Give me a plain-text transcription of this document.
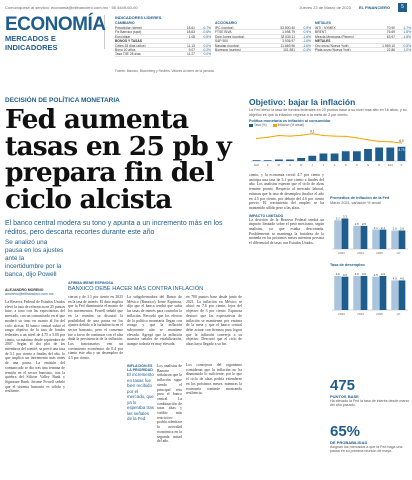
Comuníquese al servicio: economia@elfinanciero.com.mx · 55 5449-60-00	Jueves 23 de Marzo de 2023 EL FINANCIERO	5
ECONOMÍA
MERCADOS E INDICADORES
INDICADORES LÍDERES
CAMBIARIO
Peso/dólar (cierre)	18.61	-0.7%
Fix Banxico (spot)	18.63	-0.6%
Euro/dólar	1.08	0.5%
BONOS Y TASAS
Cetes 28 días (años)	11.13	0.0%
Bono 10 años	9.07	-0.2%
Tasa TIIE 28 días	11.27	0.0%
ACCIONARIO
IPC (puntos)	53,500.40	0.9%
FTSE BIVA	1,098.79	0.9%
Dow Jones (puntos)	32,030.11	-1.6%
S&P 500	3,936.97	-1.6%
Nasdaq (puntos)	11,669.96	-1.6%
Bovespa (puntos)	101,981	-0.4%
METALES
WTI - NYMEX	70.90	1.7%
BRENT	76.69	1.8%
Mezcla Mexicana (Pemex)	63.97	-1.8%
METALES
Oro onza (Nueva York)	1,969.10	0.5%
Plata onza (Nueva York)	22.86	1.0%
Fuente: Banxico, Bloomberg y Reuters. Valores al cierre de la jornada.
DECISIÓN DE POLÍTICA MONETARIA
Fed aumenta tasas en 25 pb y prepara fin del ciclo alcista
El banco central modera su tono y apunta a un incremento más en los réditos, pero descarta recortes durante este año
Se analizó una pausa en los ajustes ante la incertidumbre por la banca, dijo Powell
ALEJANDRO MORENO
amoreno@elfinanciero.com.mx
La Reserva Federal de Estados Unidos elevó la tasa de referencia en 25 puntos base, a tono con las expectativas del mercado, con un comunicado en el que moderó su tono en cuanto al fin del ciclo alcista. El banco central subió el rango objetivo de la tasa de fondos federales a un nivel de 4.75 a 5.00 por ciento, su máximo desde septiembre de 2007. Según el dot plot de los miembros del comité, se prevé una tasa de 5.1 por ciento a finales del año, lo que implica un incremento más antes de una pausa. La emisión del comunicado se dio tras una semana de tensión en el sector bancario, tras la quiebra del Silicon Valley Bank y Signature Bank. Jerome Powell señaló que el sistema bancario es sólido y resiliente.
AFIRMA IRENE ESPINOSA
BANXICO DEBE HACER MÁS CONTRA INFLACIÓN
cieron y de 3.1 por ciento en 2025 en la tasa de interés. El dato implica que la Fed disminuiría el monto de los incrementos. Powell señaló que en la reunión se discutió la posibilidad de una pausa en los ajustes debido a la turbulencia en el sector bancario, pero el consenso fue a favor de continuar con el alza dada la persistencia de la inflación. Los funcionarios ven un crecimiento económico de 0.4 por ciento este año y un desempleo de 4.5 por ciento.
La subgobernadora del Banco de México (Banxico), Irene Espinosa, dijo que el banco tendrá que subir las tasas de interés para controlar la inflación. Recordó que los efectos de la política monetaria llegan con rezago y que la inflación subyacente aún se mantiene elevada. Agregó que la inflación muestra señales de estabilización, aunque todavía es muy elevada.
en 700 puntos base desde junio de 2021. La inflación en México se ubicó en 7.6 por ciento, lejos del objetivo de 3 por ciento. Espinosa destacó que las expectativas de inflación se mantienen por encima de la meta y que el banco central debe actuar con firmeza para lograr que la inflación converja a su objetivo. Descartó que el ciclo de alzas haya llegado a su fin.
Los consejeros del organismo consideran que la inflación no ha disminuido lo suficiente, por lo que el ciclo de alzas podría extenderse en los próximos meses, mientras la economía continúe mostrando resiliencia.
INFLACIÓN ES LA PRIORIDAD
El incremento en tasas fue bien recibido por el mercado, que ya lo esperaba tras las señales de la Fed
Los analistas de Banorte señalaron que la inflación sigue siendo el principal reto para el banco central. La combinación de tasas altas y crédito más restrictivo podría ralentizar la actividad económica en la segunda mitad del año.
Objetivo: bajar la inflación
La Fed elevó la tasa de fondos federales en 25 puntos base a su nivel más alto en 16 años, y su objetivo es que la inflación regrese a la meta de 2 por ciento.
Política monetaria vs inflación al consumidor
Tasa (%)	Inflación (% anual)
E22	F	M	A	M	J	J	A	S	O	N	D	E23	F
9.1
6.0
4.75
ciento, y la economía creció 4.7 por ciento y anticipa una tasa de 5.1 por ciento a finales del año. Los analistas esperan que el ciclo de alzas termine pronto. Respecto al mercado laboral, estiman que la tasa de desempleo finalice el año en 4.5 por ciento, por debajo del 4.6 por ciento previo. El crecimiento del empleo se ha mantenido sólido pese a las alzas.
IMPACTO LIMITADO
La decisión de la Reserva Federal tendrá un impacto limitado sobre el peso mexicano, según analistas, ya que estaba descontada. Posiblemente se mantenga la fortaleza de la moneda en los próximos meses mientras persista el diferencial de tasas con Estados Unidos.
Promedios de inflación de la Fed
Marzo 2023, variación % anual
3.1
2.5
2.1	2.0
3.3
2.5
2.1	2.0
2023	2024	2025	LP
Tasa de desempleo
4.6	4.6	4.5
4.0
4.5	4.6	4.6
4.0
2023	2024	2025	LP
475
PUNTOS BASE
Ha elevado la Fed la tasa de interés desde marzo del año pasado.
65%
DE PROBABILIDAD
Asignan los mercados a que la Fed haga una pausa en su próxima reunión de mayo.
